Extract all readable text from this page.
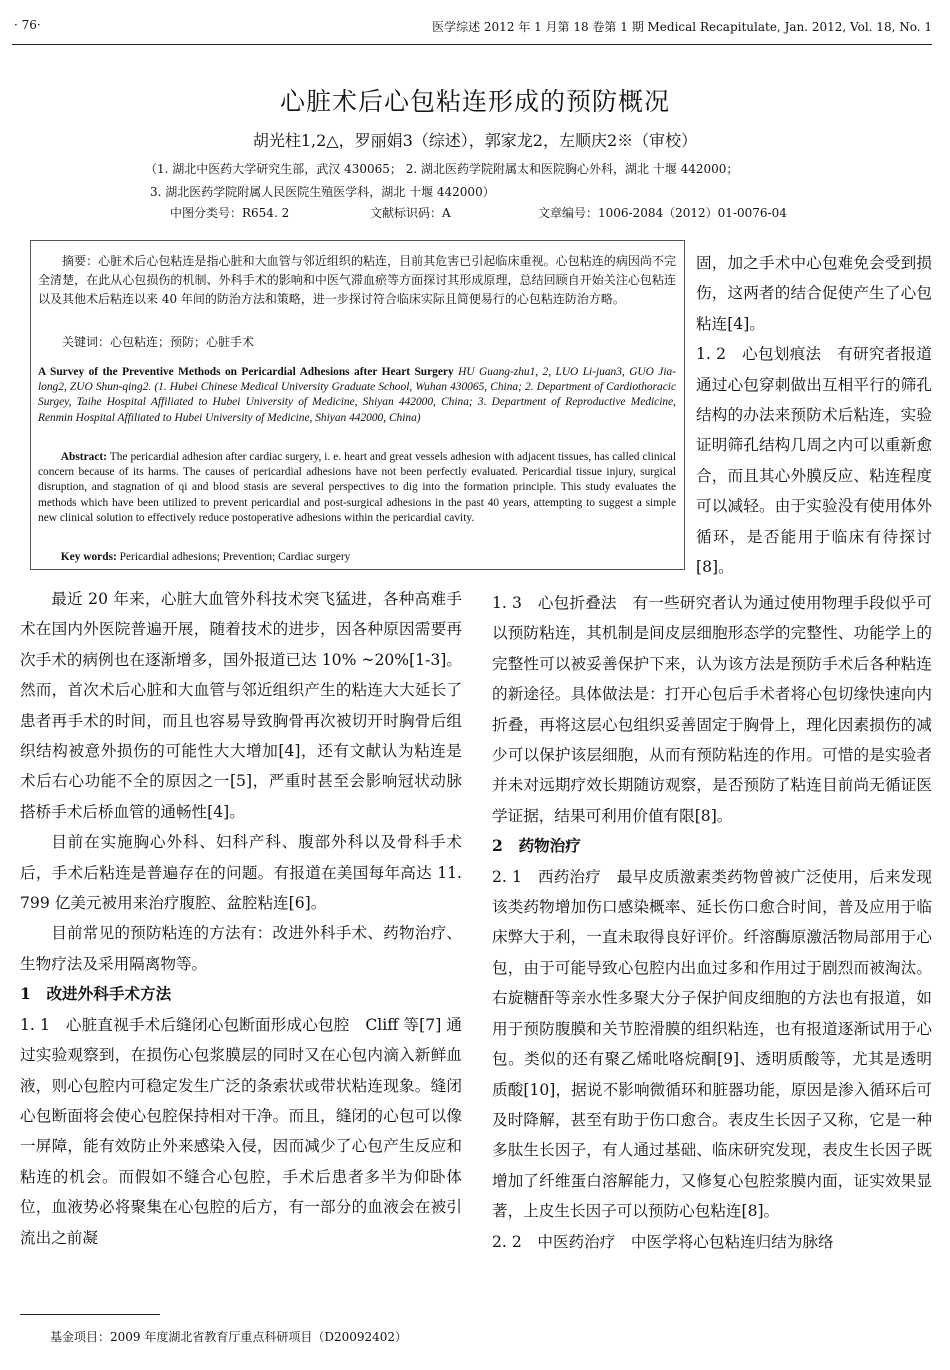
· 76·	医学综述 2012 年 1 月第 18 卷第 1 期 Medical Recapitulate, Jan. 2012, Vol. 18, No. 1
心脏术后心包粘连形成的预防概况
胡光柱1,2△，罗丽娟3（综述），郭家龙2，左顺庆2※（审校）
（1. 湖北中医药大学研究生部，武汉 430065； 2. 湖北医药学院附属太和医院胸心外科，湖北 十堰 442000；
3. 湖北医药学院附属人民医院生殖医学科，湖北 十堰 442000）
中图分类号：R654. 2	文献标识码：A	文章编号：1006-2084（2012）01-0076-04
摘要：心脏术后心包粘连是指心脏和大血管与邻近组织的粘连，目前其危害已引起临床重视。心包粘连的病因尚不完全清楚，在此从心包损伤的机制、外科手术的影响和中医气滞血瘀等方面探讨其形成原理，总结回顾自开始关注心包粘连以及其他术后粘连以来 40 年间的防治方法和策略，进一步探讨符合临床实际且简便易行的心包粘连防治方略。
关键词：心包粘连；预防；心脏手术
A Survey of the Preventive Methods on Pericardial Adhesions after Heart Surgery HU Guang-zhu1, 2, LUO Li-juan3, GUO Jia-long2, ZUO Shun-qing2. (1. Hubei Chinese Medical University Graduate School, Wuhan 430065, China; 2. Department of Cardiothoracic Surgey, Taihe Hospital Affiliated to Hubei University of Medicine, Shiyan 442000, China; 3. Department of Reproductive Medicine, Renmin Hospital Affiliated to Hubei University of Medicine, Shiyan 442000, China)
Abstract: The pericardial adhesion after cardiac surgery, i. e. heart and great vessels adhesion with adjacent tissues, has called clinical concern because of its harms. The causes of pericardial adhesions have not been perfectly evaluated. Pericardial tissue injury, surgical disruption, and stagnation of qi and blood stasis are several perspectives to dig into the formation principle. This study evaluates the methods which have been utilized to prevent pericardial and post-surgical adhesions in the past 40 years, attempting to suggest a simple new clinical solution to effectively reduce postoperative adhesions within the pericardial cavity.
Key words: Pericardial adhesions; Prevention; Cardiac surgery

固，加之手术中心包难免会受到损伤，这两者的结合促使产生了心包粘连[4]。

1. 2　心包划痕法　有研究者报道通过心包穿刺做出互相平行的筛孔结构的办法来预防术后粘连，实验证明筛孔结构几周之内可以重新愈合，而且其心外膜反应、粘连程度可以减轻。由于实验没有使用体外循环，是否能用于临床有待探讨[8]。

最近 20 年来，心脏大血管外科技术突飞猛进，各种高难手术在国内外医院普遍开展，随着技术的进步，因各种原因需要再次手术的病例也在逐渐增多，国外报道已达 10% ~20%[1-3]。然而，首次术后心脏和大血管与邻近组织产生的粘连大大延长了患者再手术的时间，而且也容易导致胸骨再次被切开时胸骨后组织结构被意外损伤的可能性大大增加[4]，还有文献认为粘连是术后右心功能不全的原因之一[5]，严重时甚至会影响冠状动脉搭桥手术后桥血管的通畅性[4]。

目前在实施胸心外科、妇科产科、腹部外科以及骨科手术后，手术后粘连是普遍存在的问题。有报道在美国每年高达 11. 799 亿美元被用来治疗腹腔、盆腔粘连[6]。

目前常见的预防粘连的方法有：改进外科手术、药物治疗、生物疗法及采用隔离物等。

1　改进外科手术方法

1. 1　心脏直视手术后缝闭心包断面形成心包腔　Cliff 等[7] 通过实验观察到，在损伤心包浆膜层的同时又在心包内滴入新鲜血液，则心包腔内可稳定发生广泛的条索状或带状粘连现象。缝闭心包断面将会使心包腔保持相对干净。而且，缝闭的心包可以像一屏障，能有效防止外来感染入侵，因而减少了心包产生反应和粘连的机会。而假如不缝合心包腔，手术后患者多半为仰卧体位，血液势必将聚集在心包腔的后方，有一部分的血液会在被引流出之前凝

1. 3　心包折叠法　有一些研究者认为通过使用物理手段似乎可以预防粘连，其机制是间皮层细胞形态学的完整性、功能学上的完整性可以被妥善保护下来，认为该方法是预防手术后各种粘连的新途径。具体做法是：打开心包后手术者将心包切缘快速向内折叠，再将这层心包组织妥善固定于胸骨上，理化因素损伤的减少可以保护该层细胞，从而有预防粘连的作用。可惜的是实验者并未对远期疗效长期随访观察，是否预防了粘连目前尚无循证医学证据，结果可利用价值有限[8]。

2　药物治疗

2. 1　西药治疗　最早皮质激素类药物曾被广泛使用，后来发现该类药物增加伤口感染概率、延长伤口愈合时间，普及应用于临床弊大于利，一直未取得良好评价。纤溶酶原激活物局部用于心包，由于可能导致心包腔内出血过多和作用过于剧烈而被淘汰。右旋糖酐等亲水性多聚大分子保护间皮细胞的方法也有报道，如用于预防腹膜和关节腔滑膜的组织粘连，也有报道逐渐试用于心包。类似的还有聚乙烯吡咯烷酮[9]、透明质酸等，尤其是透明质酸[10]，据说不影响微循环和脏器功能，原因是渗入循环后可及时降解，甚至有助于伤口愈合。表皮生长因子又称，它是一种多肽生长因子，有人通过基础、临床研究发现，表皮生长因子既增加了纤维蛋白溶解能力，又修复心包腔浆膜内面，证实效果显著，上皮生长因子可以预防心包粘连[8]。

2. 2　中医药治疗　中医学将心包粘连归结为脉络

基金项目：2009 年度湖北省教育厅重点科研项目（D20092402）
